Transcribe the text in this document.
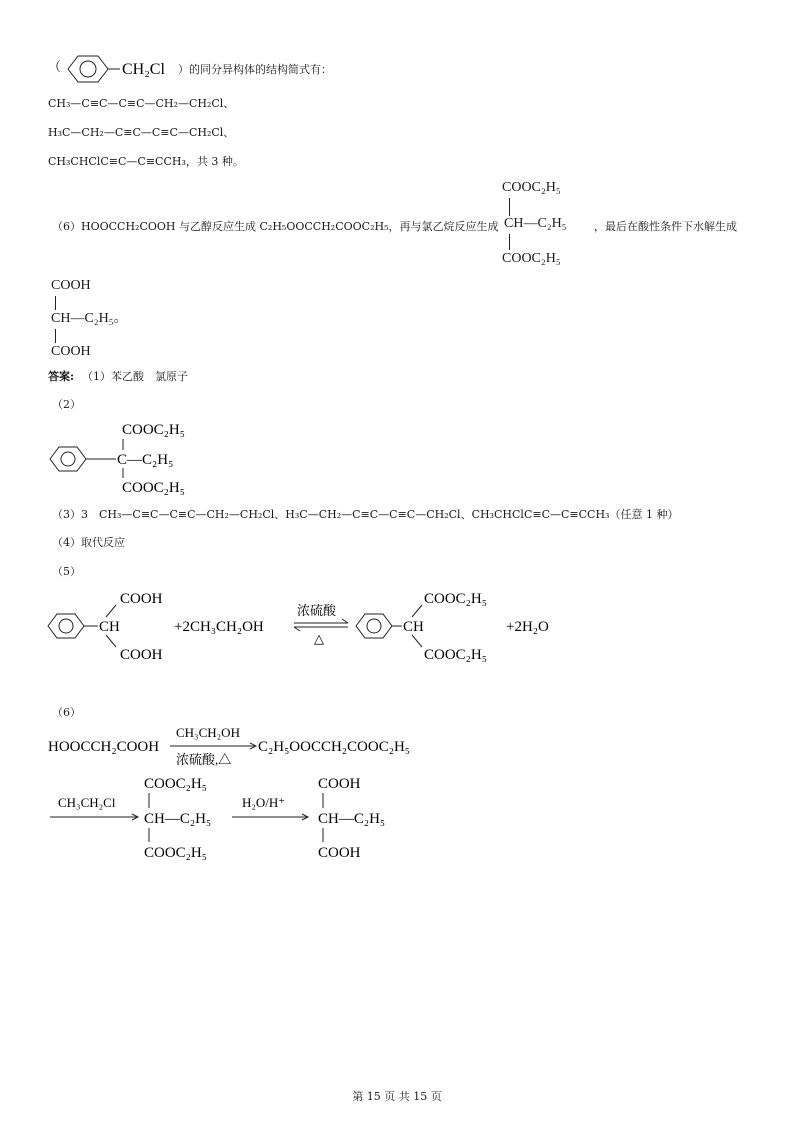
（	CH₂Cl ）的同分异构体的结构简式有：
CH₃—C≡C—C≡C—CH₂—CH₂Cl、
H₃C—CH₂—C≡C—C≡C—CH₂Cl、
CH₃CHClC≡C—C≡CCH₃，共 3 种。
（6）HOOCCH₂COOH 与乙醇反应生成 C₂H₅OOCCH₂COOC₂H₅，再与氯乙烷反应生成
COOC₂H₅
CH—C₂H₅
COOC₂H₅
，最后在酸性条件下水解生成
COOH
CH—C₂H₅。
COOH
答案: （1）苯乙酸　氯原子
（2）
COOC₂H₅
C—C₂H₅
COOC₂H₅
（3）3　CH₃—C≡C—C≡C—CH₂—CH₂Cl、H₃C—CH₂—C≡C—C≡C—CH₂Cl、CH₃CHClC≡C—C≡CCH₃（任意 1 种）
（4）取代反应
（5）
COOH
CH
COOH
+2CH₃CH₂OH
浓硫酸
△
COOC₂H₅
CH
COOC₂H₅
+2H₂O
（6）
HOOCCH₂COOH
CH₃CH₂OH
浓硫酸,△
C₂H₅OOCCH₂COOC₂H₅
CH₃CH₂Cl
COOC₂H₅
CH—C₂H₅
COOC₂H₅
H₂O/H⁺
COOH
CH—C₂H₅
COOH
第 15 页 共 15 页
